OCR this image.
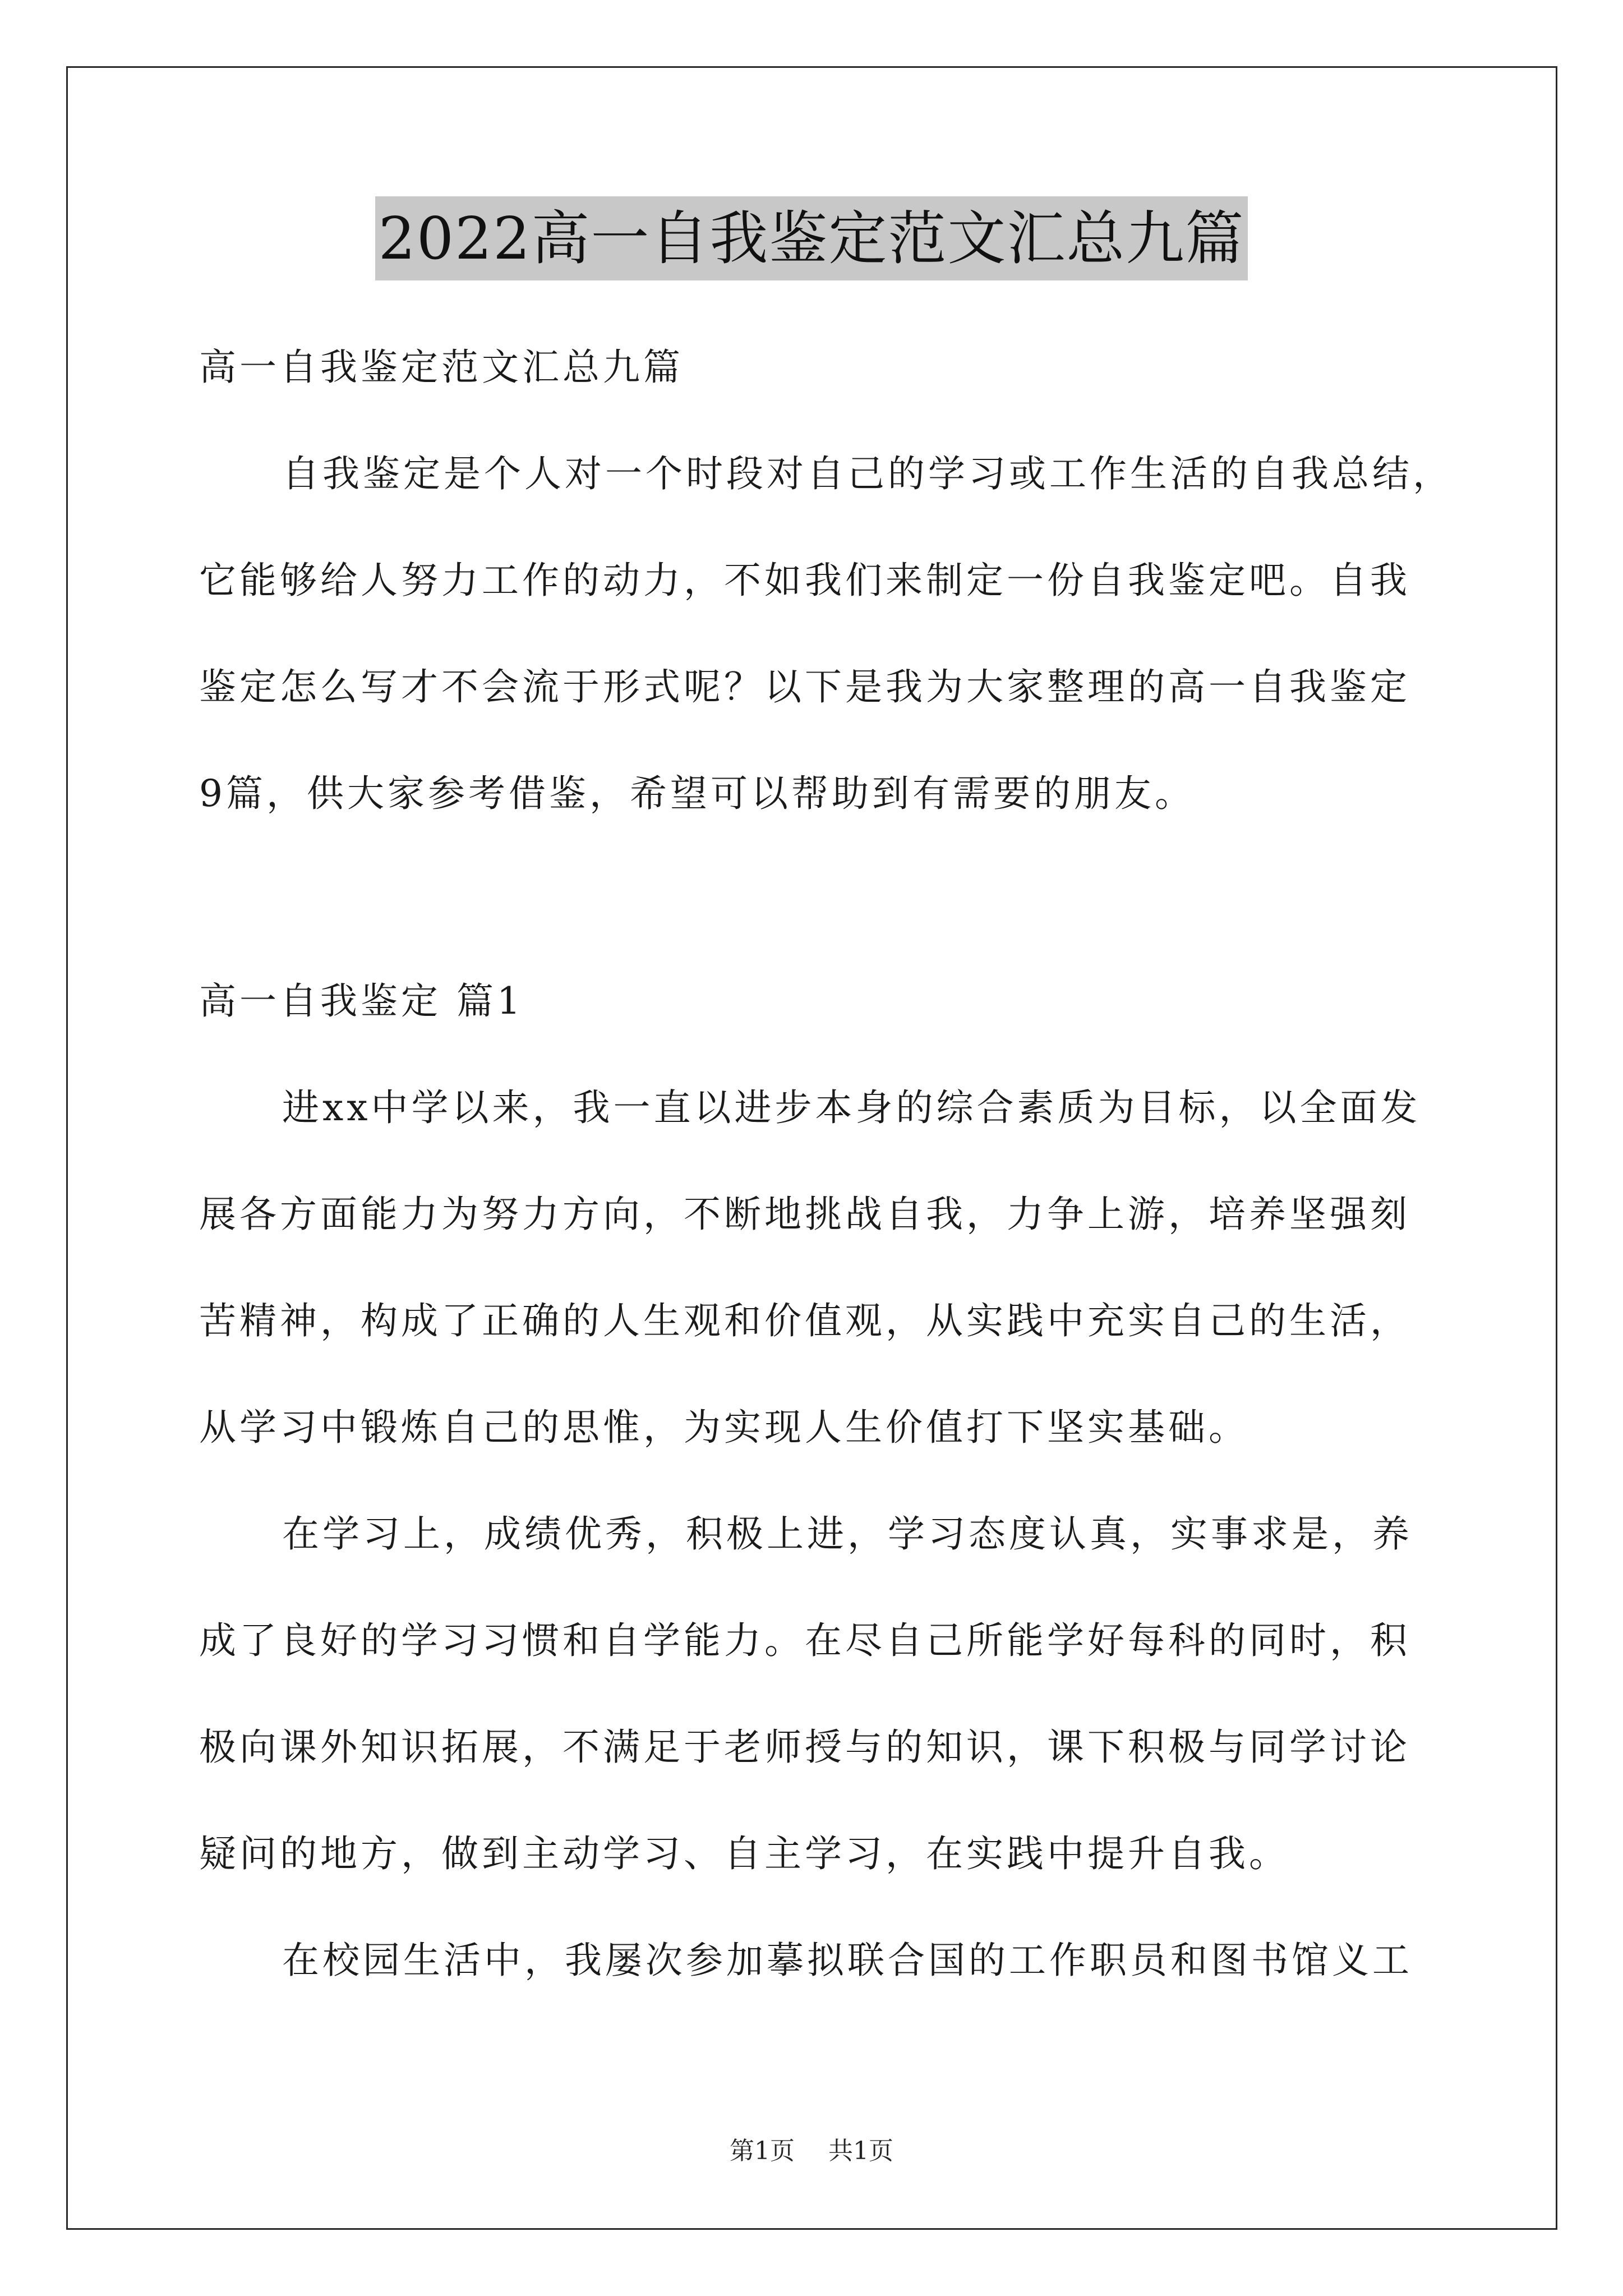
2022高一自我鉴定范文汇总九篇
高一自我鉴定范文汇总九篇
自我鉴定是个人对一个时段对自己的学习或工作生活的自我总结，
它能够给人努力工作的动力，不如我们来制定一份自我鉴定吧。自我
鉴定怎么写才不会流于形式呢？以下是我为大家整理的高一自我鉴定
9篇，供大家参考借鉴，希望可以帮助到有需要的朋友。
高一自我鉴定 篇1
进xx中学以来，我一直以进步本身的综合素质为目标，以全面发
展各方面能力为努力方向，不断地挑战自我，力争上游，培养坚强刻
苦精神，构成了正确的人生观和价值观，从实践中充实自己的生活，
从学习中锻炼自己的思惟，为实现人生价值打下坚实基础。
在学习上，成绩优秀，积极上进，学习态度认真，实事求是，养
成了良好的学习习惯和自学能力。在尽自己所能学好每科的同时，积
极向课外知识拓展，不满足于老师授与的知识，课下积极与同学讨论
疑问的地方，做到主动学习、自主学习，在实践中提升自我。
在校园生活中，我屡次参加摹拟联合国的工作职员和图书馆义工
第1页 共1页
